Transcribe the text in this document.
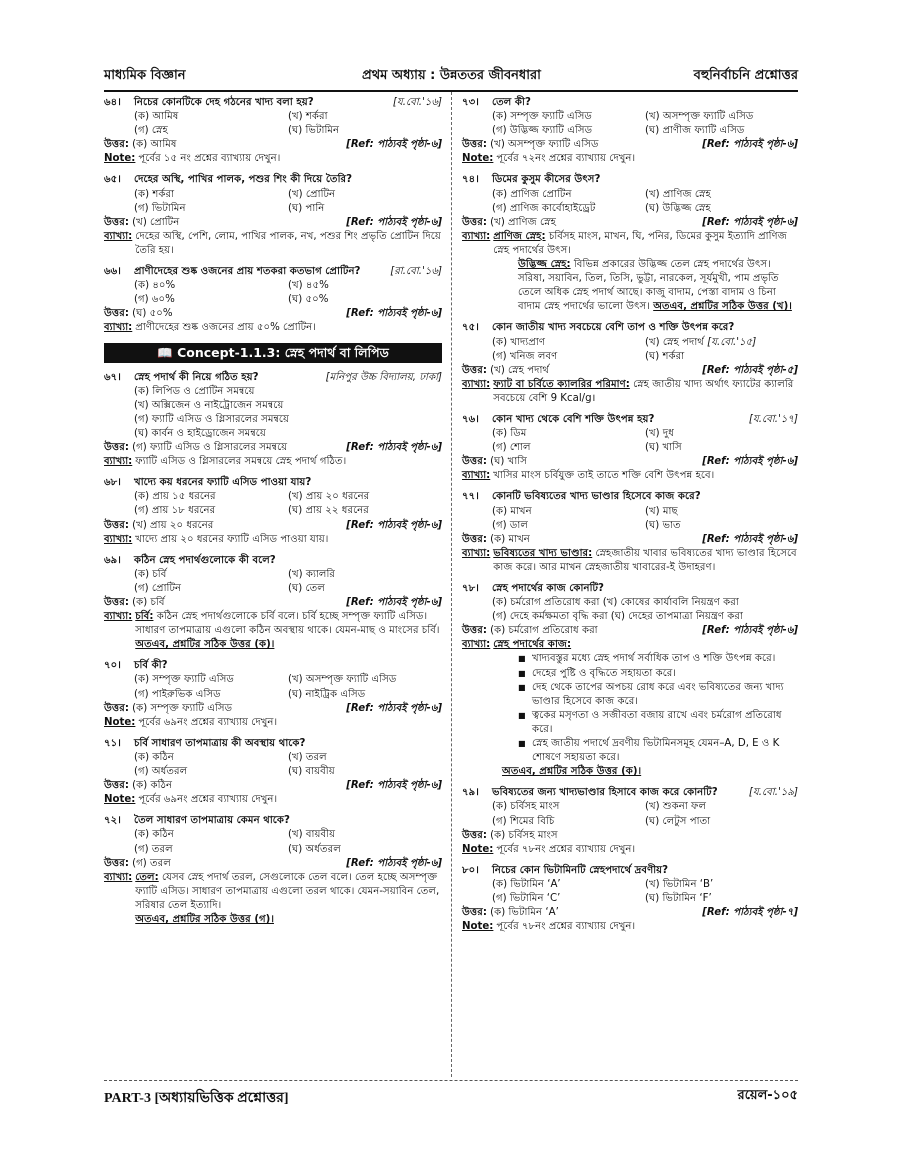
মাধ্যমিক বিজ্ঞান	প্রথম অধ্যায় : উন্নততর জীবনধারা	বহুনির্বাচনি প্রশ্নোত্তর
৬৪।	নিচের কোনটিকে দেহ গঠনের খাদ্য বলা হয়?	[য.বো.'১৬]
(ক) আমিষ	(খ) শর্করা
(গ) স্নেহ	(ঘ) ভিটামিন
উত্তর: (ক) আমিষ	[Ref: পাঠ্যবই পৃষ্ঠা-৬]
Note: পূর্বের ১৫ নং প্রশ্নের ব্যাখ্যায় দেখুন।
৬৫।	দেহের অস্থি, পাখির পালক, পশুর শিং কী দিয়ে তৈরি?
(ক) শর্করা	(খ) প্রোটিন
(গ) ভিটামিন	(ঘ) পানি
উত্তর: (খ) প্রোটিন	[Ref: পাঠ্যবই পৃষ্ঠা-৬]
ব্যাখ্যা: দেহের অস্থি, পেশি, লোম, পাখির পালক, নখ, পশুর শিং প্রভৃতি প্রোটিন দিয়ে তৈরি হয়।
৬৬।	প্রাণীদেহের শুষ্ক ওজনের প্রায় শতকরা কতভাগ প্রোটিন?	[রা.বো.'১৬]
(ক) ৪০%	(খ) ৪৫%
(গ) ৬০%	(ঘ) ৫০%
উত্তর: (ঘ) ৫০%	[Ref: পাঠ্যবই পৃষ্ঠা-৬]
ব্যাখ্যা: প্রাণীদেহের শুষ্ক ওজনের প্রায় ৫০% প্রোটিন।
📖 Concept-1.1.3: স্নেহ পদার্থ বা লিপিড
৬৭।	স্নেহ পদার্থ কী নিয়ে গঠিত হয়?	[মনিপুর উচ্চ বিদ্যালয়, ঢাকা]
(ক) লিপিড ও প্রোটিন সমন্বয়ে
(খ) অক্সিজেন ও নাইট্রোজেন সমন্বয়ে
(গ) ফ্যাটি এসিড ও গ্লিসারলের সমন্বয়ে
(ঘ) কার্বন ও হাইড্রোজেন সমন্বয়ে
উত্তর: (গ) ফ্যাটি এসিড ও গ্লিসারলের সমন্বয়ে	[Ref: পাঠ্যবই পৃষ্ঠা-৬]
ব্যাখ্যা: ফ্যাটি এসিড ও গ্লিসারলের সমন্বয়ে স্নেহ পদার্থ গঠিত।
৬৮।	খাদ্যে কয় ধরনের ফ্যাটি এসিড পাওয়া যায়?
(ক) প্রায় ১৫ ধরনের	(খ) প্রায় ২০ ধরনের
(গ) প্রায় ১৮ ধরনের	(ঘ) প্রায় ২২ ধরনের
উত্তর: (খ) প্রায় ২০ ধরনের	[Ref: পাঠ্যবই পৃষ্ঠা-৬]
ব্যাখ্যা: খাদ্যে প্রায় ২০ ধরনের ফ্যাটি এসিড পাওয়া যায়।
৬৯।	কঠিন স্নেহ পদার্থগুলোকে কী বলে?
(ক) চর্বি	(খ) ক্যালরি
(গ) প্রোটিন	(ঘ) তেল
উত্তর: (ক) চর্বি	[Ref: পাঠ্যবই পৃষ্ঠা-৬]
ব্যাখ্যা: চর্বি: কঠিন স্নেহ পদার্থগুলোকে চর্বি বলে। চর্বি হচ্ছে সম্পৃক্ত ফ্যাটি এসিড। সাধারণ তাপমাত্রায় এগুলো কঠিন অবস্থায় থাকে। যেমন-মাছ ও মাংসের চর্বি। অতএব, প্রশ্নটির সঠিক উত্তর (ক)।
৭০।	চর্বি কী?
(ক) সম্পৃক্ত ফ্যাটি এসিড	(খ) অসম্পৃক্ত ফ্যাটি এসিড
(গ) পাইরুভিক এসিড	(ঘ) নাইট্রিক এসিড
উত্তর: (ক) সম্পৃক্ত ফ্যাটি এসিড	[Ref: পাঠ্যবই পৃষ্ঠা-৬]
Note: পূর্বের ৬৯নং প্রশ্নের ব্যাখ্যায় দেখুন।
৭১।	চর্বি সাধারণ তাপমাত্রায় কী অবস্থায় থাকে?
(ক) কঠিন	(খ) তরল
(গ) অর্ধতরল	(ঘ) বায়বীয়
উত্তর: (ক) কঠিন	[Ref: পাঠ্যবই পৃষ্ঠা-৬]
Note: পূর্বের ৬৯নং প্রশ্নের ব্যাখ্যায় দেখুন।
৭২।	তৈল সাধারণ তাপমাত্রায় কেমন থাকে?
(ক) কঠিন	(খ) বায়বীয়
(গ) তরল	(ঘ) অর্ধতরল
উত্তর: (গ) তরল	[Ref: পাঠ্যবই পৃষ্ঠা-৬]
ব্যাখ্যা: তেল: যেসব স্নেহ পদার্থ তরল, সেগুলোকে তেল বলে। তেল হচ্ছে অসম্পৃক্ত ফ্যাটি এসিড। সাধারণ তাপমাত্রায় এগুলো তরল থাকে। যেমন-সয়াবিন তেল, সরিষার তেল ইত্যাদি।
অতএব, প্রশ্নটির সঠিক উত্তর (গ)।
৭৩।	তেল কী?
(ক) সম্পৃক্ত ফ্যাটি এসিড	(খ) অসম্পৃক্ত ফ্যাটি এসিড
(গ) উদ্ভিজ্জ ফ্যাটি এসিড	(ঘ) প্রাণীজ ফ্যাটি এসিড
উত্তর: (খ) অসম্পৃক্ত ফ্যাটি এসিড	[Ref: পাঠ্যবই পৃষ্ঠা-৬]
Note: পূর্বের ৭২নং প্রশ্নের ব্যাখ্যায় দেখুন।
৭৪।	ডিমের কুসুম কীসের উৎস?
(ক) প্রাণিজ প্রোটিন	(খ) প্রাণিজ স্নেহ
(গ) প্রাণিজ কার্বোহাইড্রেট	(ঘ) উদ্ভিজ্জ স্নেহ
উত্তর: (খ) প্রাণিজ স্নেহ	[Ref: পাঠ্যবই পৃষ্ঠা-৬]
ব্যাখ্যা: প্রাণিজ স্নেহ: চর্বিসহ মাংস, মাখন, ঘি, পনির, ডিমের কুসুম ইত্যাদি প্রাণিজ স্নেহ পদার্থের উৎস।
উদ্ভিজ্জ স্নেহ: বিভিন্ন প্রকারের উদ্ভিজ্জ তেল স্নেহ পদার্থের উৎস। সরিষা, সয়াবিন, তিল, তিসি, ভুট্টা, নারকেল, সূর্যমুখী, পাম প্রভৃতি তেলে অধিক স্নেহ পদার্থ আছে। কাজু বাদাম, পেস্তা বাদাম ও চিনা বাদাম স্নেহ পদার্থের ভালো উৎস। অতএব, প্রশ্নটির সঠিক উত্তর (খ)।
৭৫।	কোন জাতীয় খাদ্য সবচেয়ে বেশি তাপ ও শক্তি উৎপন্ন করে?
(ক) খাদ্যপ্রাণ	(খ) স্নেহ পদার্থ [য.বো.'১৫]
(গ) খনিজ লবণ	(ঘ) শর্করা
উত্তর: (খ) স্নেহ পদার্থ	[Ref: পাঠ্যবই পৃষ্ঠা-৫]
ব্যাখ্যা: ফ্যাট বা চর্বিতে ক্যালরির পরিমাণ: স্নেহ জাতীয় খাদ্য অর্থাৎ ফ্যাটের ক্যালরি সবচেয়ে বেশি 9 Kcal/g।
৭৬।	কোন খাদ্য থেকে বেশি শক্তি উৎপন্ন হয়?	[য.বো.'১৭]
(ক) ডিম	(খ) দুধ
(গ) শোল	(ঘ) খাসি
উত্তর: (ঘ) খাসি	[Ref: পাঠ্যবই পৃষ্ঠা-৬]
ব্যাখ্যা: খাসির মাংস চর্বিযুক্ত তাই তাতে শক্তি বেশি উৎপন্ন হবে।
৭৭।	কোনটি ভবিষ্যতের খাদ্য ভাণ্ডার হিসেবে কাজ করে?
(ক) মাখন	(খ) মাছ
(গ) ডাল	(ঘ) ভাত
উত্তর: (ক) মাখন	[Ref: পাঠ্যবই পৃষ্ঠা-৬]
ব্যাখ্যা: ভবিষ্যতের খাদ্য ভাণ্ডার: স্নেহজাতীয় খাবার ভবিষ্যতের খাদ্য ভাণ্ডার হিসেবে কাজ করে। আর মাখন স্নেহজাতীয় খাবারের-ই উদাহরণ।
৭৮।	স্নেহ পদার্থের কাজ কোনটি?
(ক) চর্মরোগ প্রতিরোধ করা (খ) কোষের কার্যাবলি নিয়ন্ত্রণ করা
(গ) দেহে কর্মক্ষমতা বৃদ্ধি করা (ঘ) দেহের তাপমাত্রা নিয়ন্ত্রণ করা
উত্তর: (ক) চর্মরোগ প্রতিরোধ করা	[Ref: পাঠ্যবই পৃষ্ঠা-৬]
ব্যাখ্যা: স্নেহ পদার্থের কাজ:
■ খাদ্যবস্তুর মধ্যে স্নেহ পদার্থ সর্বাধিক তাপ ও শক্তি উৎপন্ন করে।
■ দেহের পুষ্টি ও বৃদ্ধিতে সহায়তা করে।
■ দেহ থেকে তাপের অপচয় রোধ করে এবং ভবিষ্যতের জন্য খাদ্য ভাণ্ডার হিসেবে কাজ করে।
■ ত্বকের মসৃণতা ও সজীবতা বজায় রাখে এবং চর্মরোগ প্রতিরোধ করে।
■ স্নেহ জাতীয় পদার্থে দ্রবণীয় ভিটামিনসমূহ যেমন–A, D, E ও K শোষণে সহায়তা করে।
অতএব, প্রশ্নটির সঠিক উত্তর (ক)।
৭৯।	ভবিষ্যতের জন্য খাদ্যভাণ্ডার হিসাবে কাজ করে কোনটি?	[য.বো.'১৯]
(ক) চর্বিসহ মাংস	(খ) শুকনা ফল
(গ) শিমের বিচি	(ঘ) লেটুস পাতা
উত্তর: (ক) চর্বিসহ মাংস
Note: পূর্বের ৭৮নং প্রশ্নের ব্যাখ্যায় দেখুন।
৮০।	নিচের কোন ভিটামিনটি স্নেহপদার্থে দ্রবণীয়?
(ক) ভিটামিন ‘A’	(খ) ভিটামিন ‘B’
(গ) ভিটামিন ‘C’	(ঘ) ভিটামিন ‘F’
উত্তর: (ক) ভিটামিন ‘A’	[Ref: পাঠ্যবই পৃষ্ঠা-৭]
Note: পূর্বের ৭৮নং প্রশ্নের ব্যাখ্যায় দেখুন।
PART-3 [অধ্যায়ভিত্তিক প্রশ্নোত্তর]	রয়েল-১০৫
